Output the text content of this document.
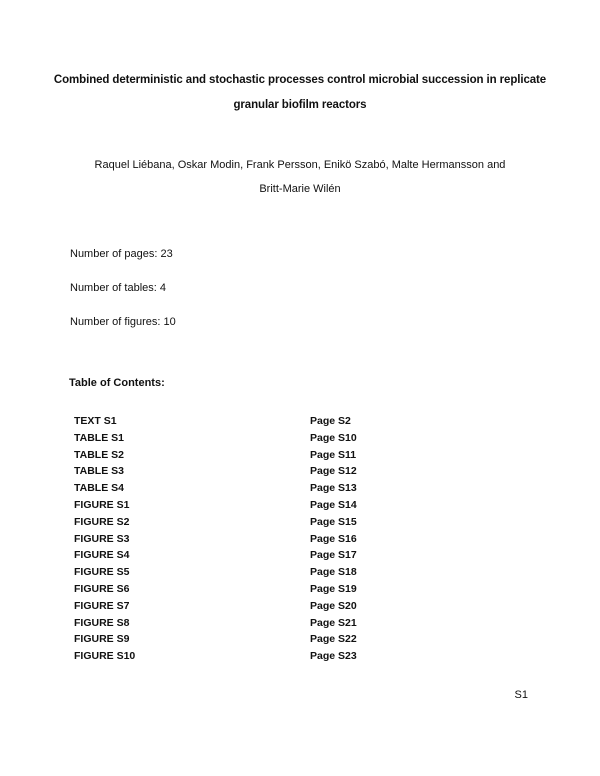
Combined deterministic and stochastic processes control microbial succession in replicate
granular biofilm reactors
Raquel Liébana, Oskar Modin, Frank Persson, Enikö Szabó, Malte Hermansson and
Britt-Marie Wilén
Number of pages: 23
Number of tables: 4
Number of figures: 10
Table of Contents:
TEXT S1	Page S2
TABLE S1	Page S10
TABLE S2	Page S11
TABLE S3	Page S12
TABLE S4	Page S13
FIGURE S1	Page S14
FIGURE S2	Page S15
FIGURE S3	Page S16
FIGURE S4	Page S17
FIGURE S5	Page S18
FIGURE S6	Page S19
FIGURE S7	Page S20
FIGURE S8	Page S21
FIGURE S9	Page S22
FIGURE S10	Page S23
S1
